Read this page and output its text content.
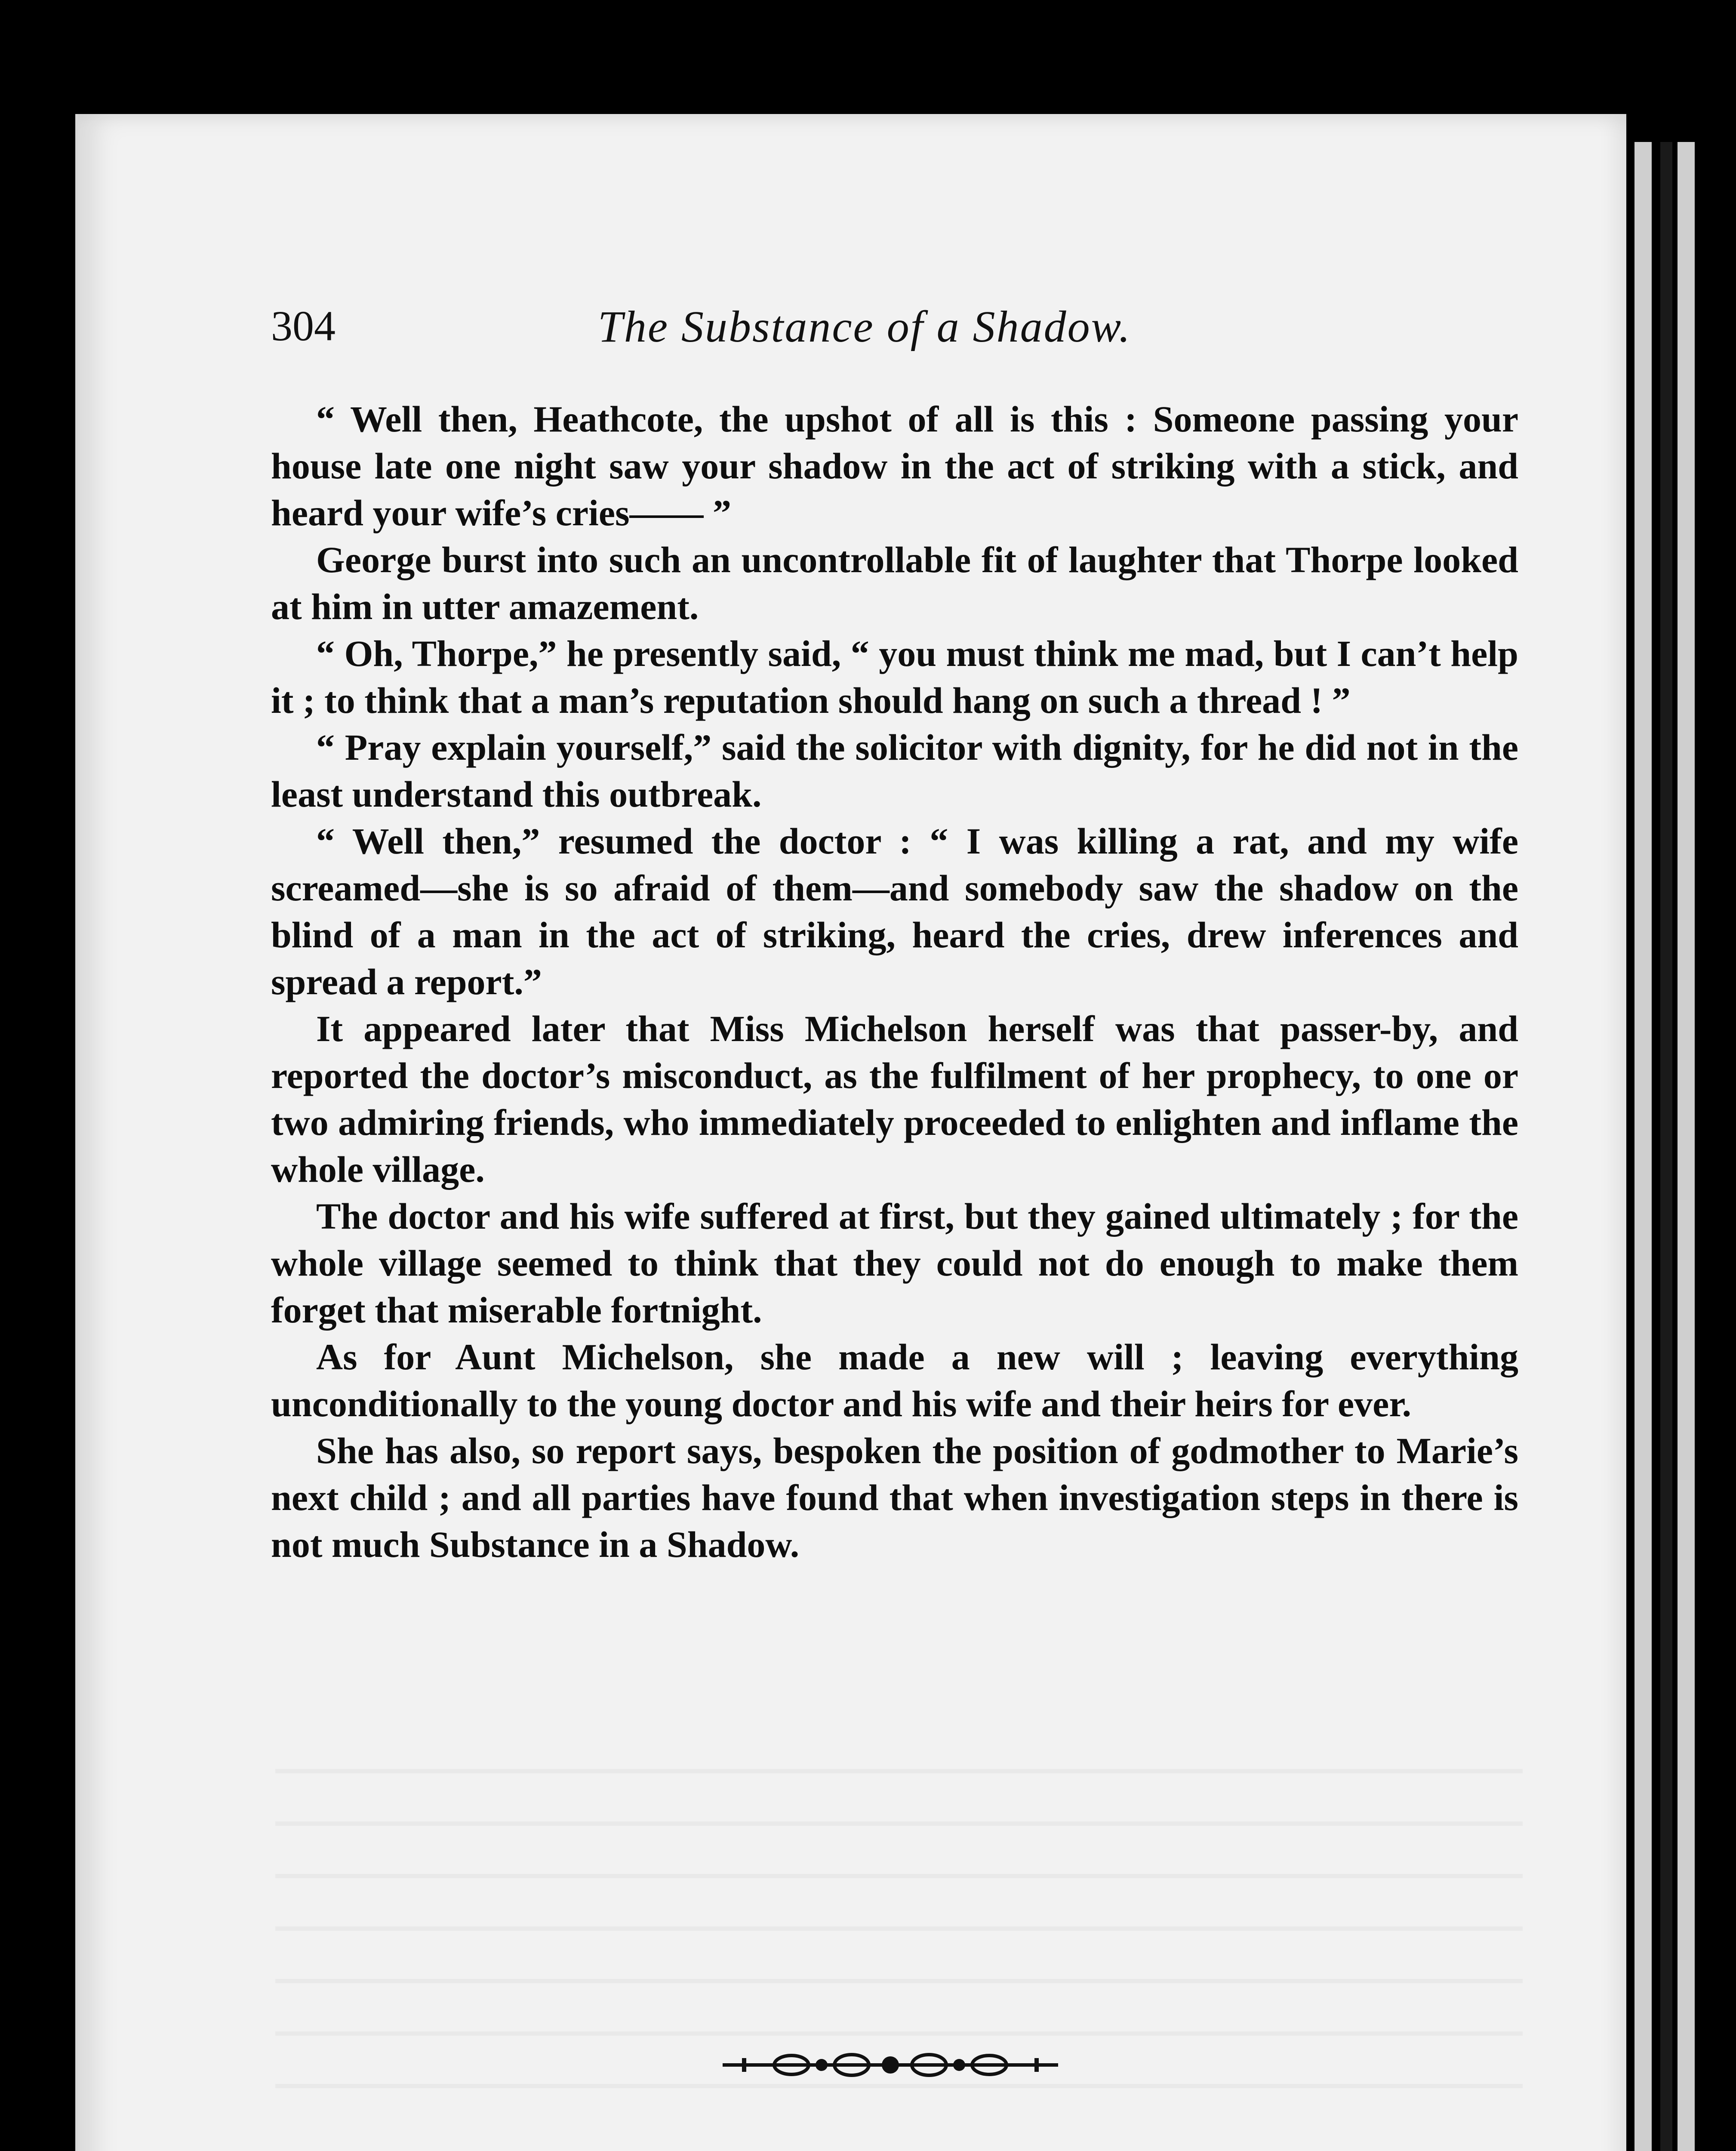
304	The Substance of a Shadow.

“ Well then, Heathcote, the upshot of all is this : Someone passing your house late one night saw your shadow in the act of striking with a stick, and heard your wife’s cries—— ”

George burst into such an uncontrollable fit of laughter that Thorpe looked at him in utter amazement.

“ Oh, Thorpe,” he presently said, “ you must think me mad, but I can’t help it ; to think that a man’s reputation should hang on such a thread ! ”

“ Pray explain yourself,” said the solicitor with dignity, for he did not in the least understand this outbreak.

“ Well then,” resumed the doctor : “ I was killing a rat, and my wife screamed—she is so afraid of them—and somebody saw the shadow on the blind of a man in the act of striking, heard the cries, drew inferences and spread a report.”

It appeared later that Miss Michelson herself was that passer-by, and reported the doctor’s misconduct, as the fulfilment of her prophecy, to one or two admiring friends, who immediately proceeded to enlighten and inflame the whole village.

The doctor and his wife suffered at first, but they gained ultimately ; for the whole village seemed to think that they could not do enough to make them forget that miserable fortnight.

As for Aunt Michelson, she made a new will ; leaving everything unconditionally to the young doctor and his wife and their heirs for ever.

She has also, so report says, bespoken the position of godmother to Marie’s next child ; and all parties have found that when investigation steps in there is not much Substance in a Shadow.
